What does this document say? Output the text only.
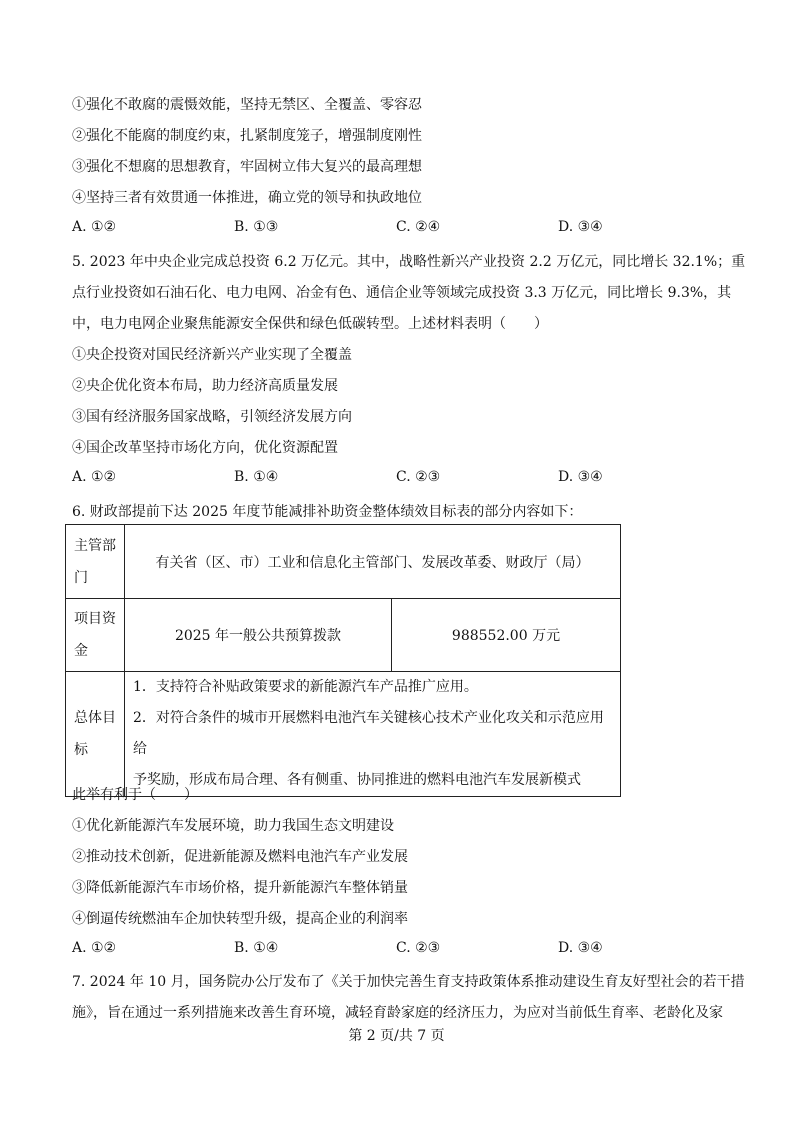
①强化不敢腐的震慑效能，坚持无禁区、全覆盖、零容忍
②强化不能腐的制度约束，扎紧制度笼子，增强制度刚性
③强化不想腐的思想教育，牢固树立伟大复兴的最高理想
④坚持三者有效贯通一体推进，确立党的领导和执政地位
A. ①②	B. ①③	C. ②④	D. ③④
5. 2023 年中央企业完成总投资 6.2 万亿元。其中，战略性新兴产业投资 2.2 万亿元，同比增长 32.1%；重
点行业投资如石油石化、电力电网、冶金有色、通信企业等领域完成投资 3.3 万亿元，同比增长 9.3%，其
中，电力电网企业聚焦能源安全保供和绿色低碳转型。上述材料表明（　　）
①央企投资对国民经济新兴产业实现了全覆盖
②央企优化资本布局，助力经济高质量发展
③国有经济服务国家战略，引领经济发展方向
④国企改革坚持市场化方向，优化资源配置
A. ①②	B. ①④	C. ②③	D. ③④
6. 财政部提前下达 2025 年度节能减排补助资金整体绩效目标表的部分内容如下：
主管部门	有关省（区、市）工业和信息化主管部门、发展改革委、财政厅（局）	
项目资金	2025 年一般公共预算拨款	988552.00 万元
总体目标	1．支持符合补贴政策要求的新能源汽车产品推广应用。
2．对符合条件的城市开展燃料电池汽车关键核心技术产业化攻关和示范应用给
予奖励，形成布局合理、各有侧重、协同推进的燃料电池汽车发展新模式	
此举有利于（　　）
①优化新能源汽车发展环境，助力我国生态文明建设
②推动技术创新，促进新能源及燃料电池汽车产业发展
③降低新能源汽车市场价格，提升新能源汽车整体销量
④倒逼传统燃油车企加快转型升级，提高企业的利润率
A. ①②	B. ①④	C. ②③	D. ③④
7. 2024 年 10 月，国务院办公厅发布了《关于加快完善生育支持政策体系推动建设生育友好型社会的若干措
施》，旨在通过一系列措施来改善生育环境，减轻育龄家庭的经济压力，为应对当前低生育率、老龄化及家
第 2 页/共 7 页
